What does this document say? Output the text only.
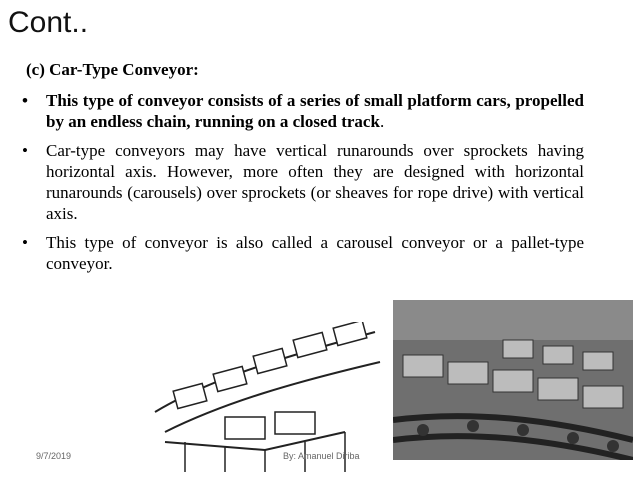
Cont..
(c) Car-Type Conveyor:
• This type of conveyor consists of a series of small platform cars, propelled by an endless chain, running on a closed track.
• Car-type conveyors may have vertical runarounds over sprockets having horizontal axis. However, more often they are designed with horizontal runarounds (carousels) over sprockets (or sheaves for rope drive) with vertical axis.
• This type of conveyor is also called a carousel conveyor or a pallet-type conveyor.
9/7/2019	By: Amanuel Diriba
